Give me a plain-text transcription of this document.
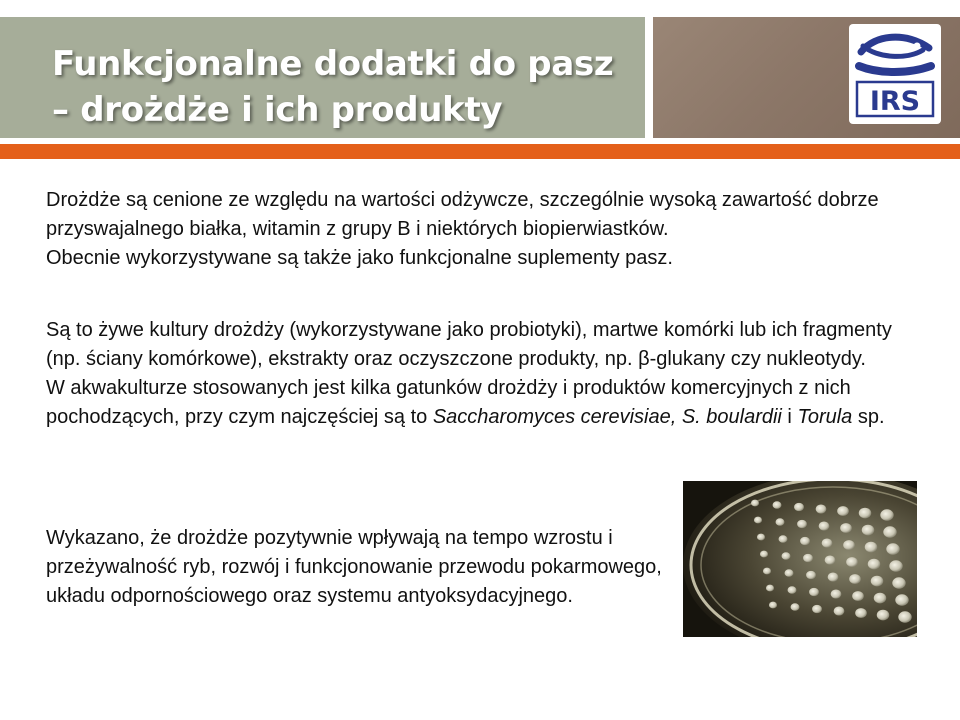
Funkcjonalne dodatki do pasz
– drożdże i ich produkty	IRS

Drożdże są cenione ze względu na wartości odżywcze, szczególnie wysoką zawartość dobrze przyswajalnego białka, witamin z grupy B i niektórych biopierwiastków.

Obecnie wykorzystywane są także jako funkcjonalne suplementy pasz.

Są to żywe kultury drożdży (wykorzystywane jako probiotyki), martwe komórki lub ich fragmenty (np. ściany komórkowe), ekstrakty oraz oczyszczone produkty, np. β-glukany czy nukleotydy.

W akwakulturze stosowanych jest kilka gatunków drożdży i produktów komercyjnych z nich pochodzących, przy czym najczęściej są to Saccharomyces cerevisiae, S. boulardii i Torula sp.

Wykazano, że drożdże pozytywnie wpływają na tempo wzrostu i przeżywalność ryb, rozwój i funkcjonowanie przewodu pokarmowego, układu odpornościowego oraz systemu antyoksydacyjnego.
